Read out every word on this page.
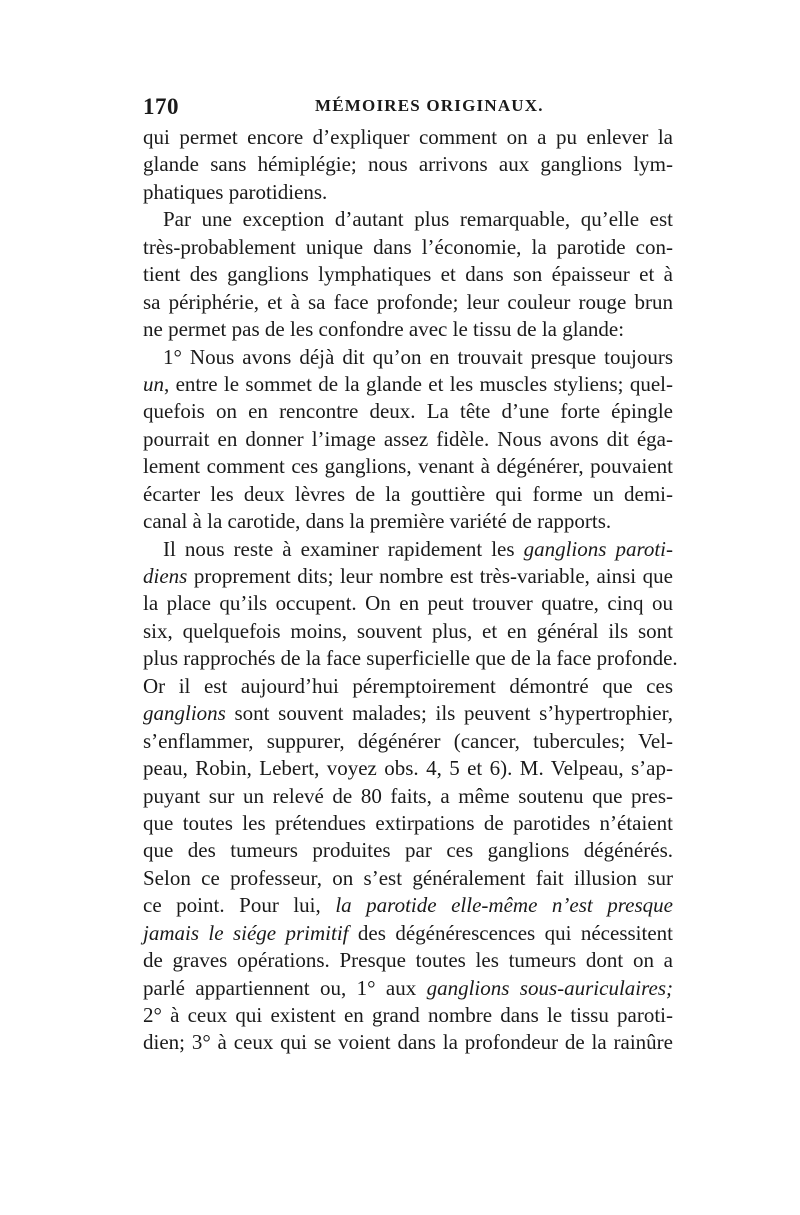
170	MÉMOIRES ORIGINAUX.
qui permet encore d’expliquer comment on a pu enlever la
glande sans hémiplégie; nous arrivons aux ganglions lym-
phatiques parotidiens.
Par une exception d’autant plus remarquable, qu’elle est
très-probablement unique dans l’économie, la parotide con-
tient des ganglions lymphatiques et dans son épaisseur et à
sa périphérie, et à sa face profonde; leur couleur rouge brun
ne permet pas de les confondre avec le tissu de la glande:
1° Nous avons déjà dit qu’on en trouvait presque toujours
un, entre le sommet de la glande et les muscles styliens; quel-
quefois on en rencontre deux. La tête d’une forte épingle
pourrait en donner l’image assez fidèle. Nous avons dit éga-
lement comment ces ganglions, venant à dégénérer, pouvaient
écarter les deux lèvres de la gouttière qui forme un demi-
canal à la carotide, dans la première variété de rapports.
Il nous reste à examiner rapidement les ganglions paroti-
diens proprement dits; leur nombre est très-variable, ainsi que
la place qu’ils occupent. On en peut trouver quatre, cinq ou
six, quelquefois moins, souvent plus, et en général ils sont
plus rapprochés de la face superficielle que de la face profonde.
Or il est aujourd’hui péremptoirement démontré que ces
ganglions sont souvent malades; ils peuvent s’hypertrophier,
s’enflammer, suppurer, dégénérer (cancer, tubercules; Vel-
peau, Robin, Lebert, voyez obs. 4, 5 et 6). M. Velpeau, s’ap-
puyant sur un relevé de 80 faits, a même soutenu que pres-
que toutes les prétendues extirpations de parotides n’étaient
que des tumeurs produites par ces ganglions dégénérés.
Selon ce professeur, on s’est généralement fait illusion sur
ce point. Pour lui, la parotide elle-même n’est presque
jamais le siége primitif des dégénérescences qui nécessitent
de graves opérations. Presque toutes les tumeurs dont on a
parlé appartiennent ou, 1° aux ganglions sous-auriculaires;
2° à ceux qui existent en grand nombre dans le tissu paroti-
dien; 3° à ceux qui se voient dans la profondeur de la rainûre
